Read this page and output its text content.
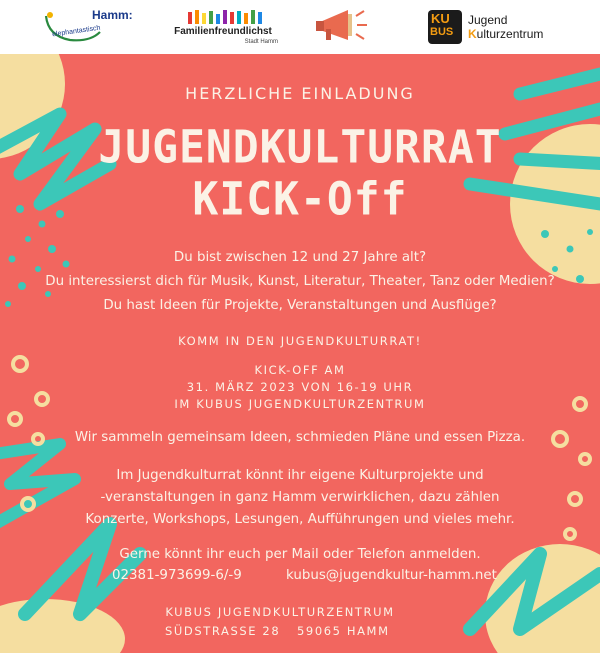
Hamm:
elephantastisch	Familienfreundlichst
Stadt Hamm
KU
BUS
Jugend
Kulturzentrum
HERZLICHE EINLADUNG
JUGENDKULTURRAT
KICK-Off
Du bist zwischen 12 und 27 Jahre alt?
Du interessierst dich für Musik, Kunst, Literatur, Theater, Tanz oder Medien?
Du hast Ideen für Projekte, Veranstaltungen und Ausflüge?
KOMM IN DEN JUGENDKULTURRAT!
KICK-OFF AM
31. MÄRZ 2023 VON 16-19 UHR
IM KUBUS JUGENDKULTURZENTRUM
Wir sammeln gemeinsam Ideen, schmieden Pläne und essen Pizza.
Im Jugendkulturrat könnt ihr eigene Kulturprojekte und
-veranstaltungen in ganz Hamm verwirklichen, dazu zählen
Konzerte, Workshops, Lesungen, Aufführungen und vieles mehr.
Gerne könnt ihr euch per Mail oder Telefon anmelden.
02381-973699-6/-9	kubus@jugendkultur-hamm.net
KUBUS JUGENDKULTURZENTRUM
SÜDSTRASSE 28 59065 HAMM
